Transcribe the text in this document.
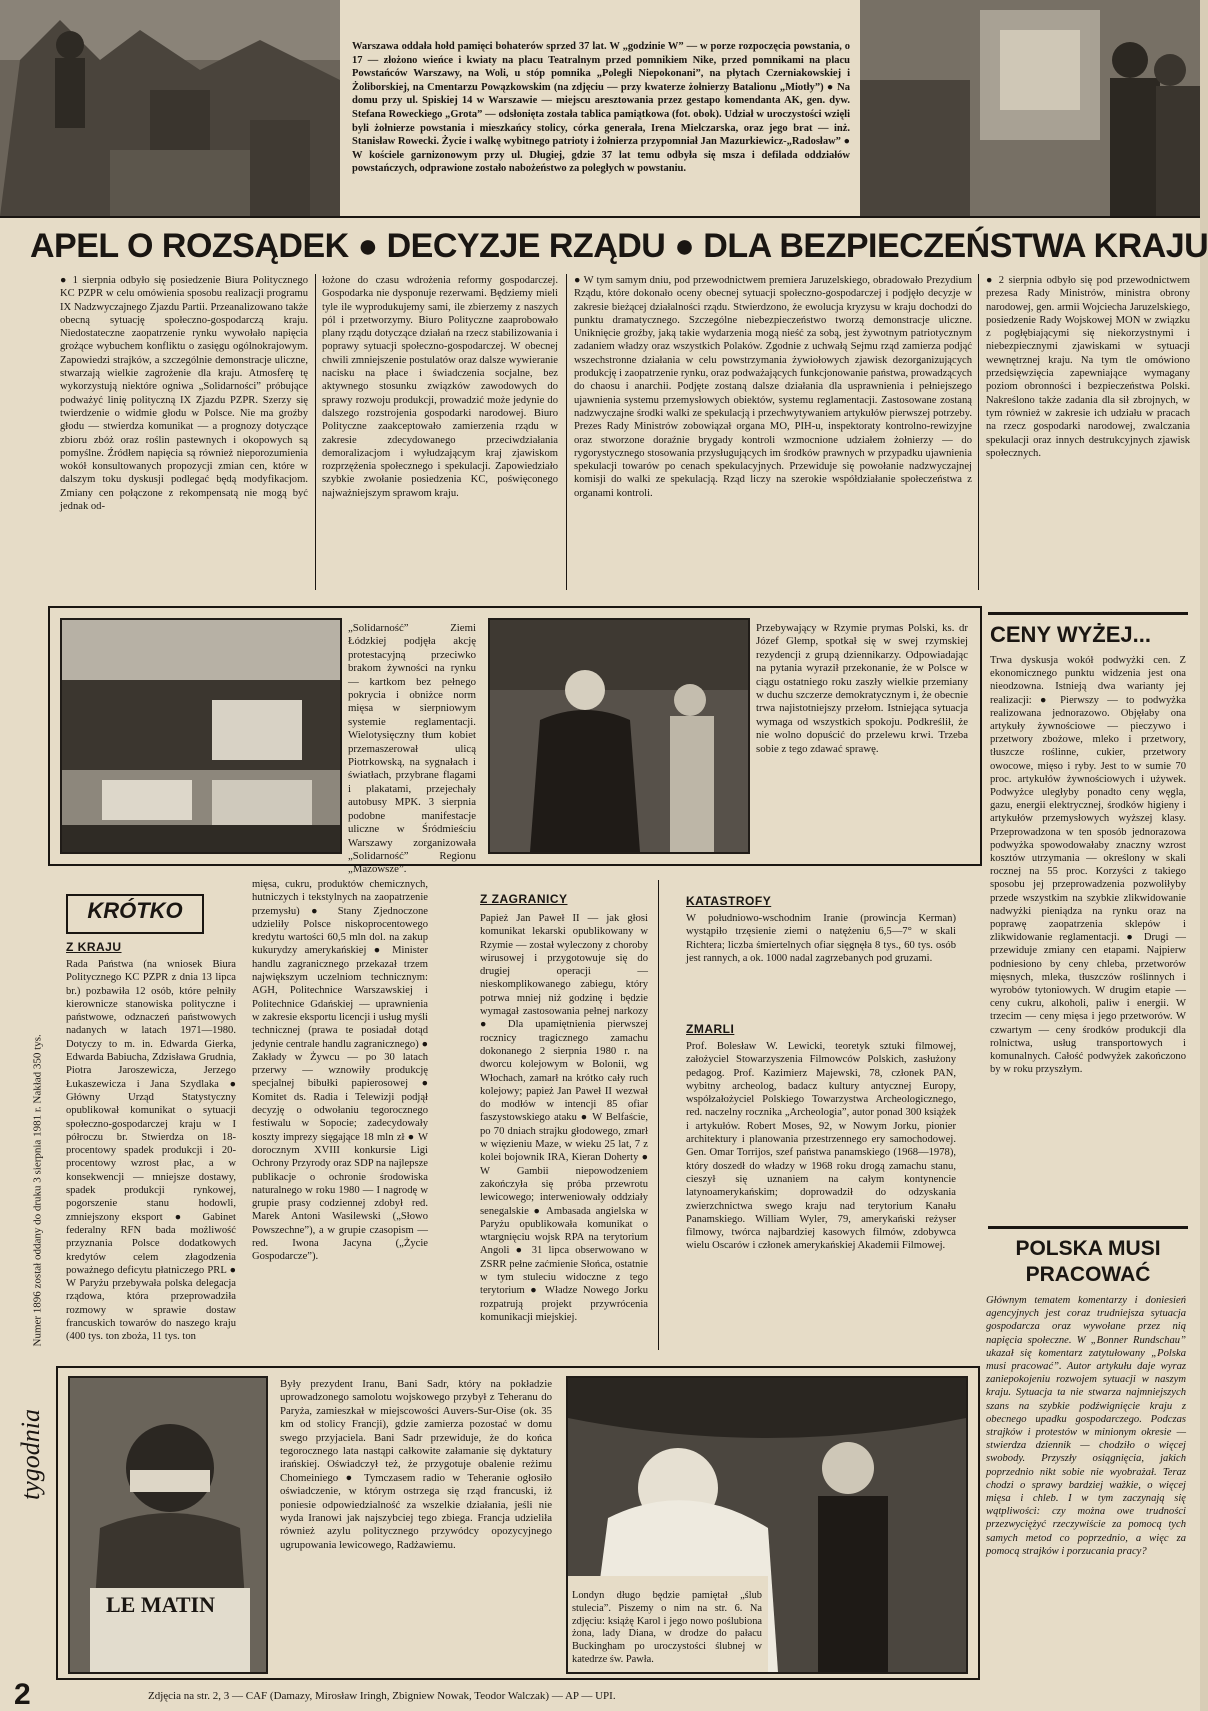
Warszawa oddała hołd pamięci bohaterów sprzed 37 lat. W „godzinie W” — w porze rozpoczęcia powstania, o 17 — złożono wieńce i kwiaty na placu Teatralnym przed pomnikiem Nike, przed pomnikami na placu Powstańców Warszawy, na Woli, u stóp pomnika „Poległi Niepokonani”, na płytach Czerniakowskiej i Żoliborskiej, na Cmentarzu Powązkowskim (na zdjęciu — przy kwaterze żołnierzy Batalionu „Miotły”) ● Na domu przy ul. Spiskiej 14 w Warszawie — miejscu aresztowania przez gestapo komendanta AK, gen. dyw. Stefana Roweckiego „Grota” — odsłonięta została tablica pamiątkowa (fot. obok). Udział w uroczystości wzięli byli żołnierze powstania i mieszkańcy stolicy, córka generała, Irena Mielczarska, oraz jego brat — inż. Stanisław Rowecki. Życie i walkę wybitnego patrioty i żołnierza przypomniał Jan Mazurkiewicz-„Radosław” ● W kościele garnizonowym przy ul. Długiej, gdzie 37 lat temu odbyła się msza i defilada oddziałów powstańczych, odprawione zostało nabożeństwo za poległych w powstaniu.
APEL O ROZSĄDEK ● DECYZJE RZĄDU ● DLA BEZPIECZEŃSTWA KRAJU
● 1 sierpnia odbyło się posiedzenie Biura Politycznego KC PZPR w celu omówienia sposobu realizacji programu IX Nadzwyczajnego Zjazdu Partii. Przeanalizowano także obecną sytuację społeczno-gospodarczą kraju. Niedostateczne zaopatrzenie rynku wywołało napięcia grożące wybuchem konfliktu o zasięgu ogólnokrajowym. Zapowiedzi strajków, a szczególnie demonstracje uliczne, stwarzają wielkie zagrożenie dla kraju. Atmosferę tę wykorzystują niektóre ogniwa „Solidarności” próbujące podważyć linię polityczną IX Zjazdu PZPR. Szerzy się twierdzenie o widmie głodu w Polsce. Nie ma groźby głodu — stwierdza komunikat — a prognozy dotyczące zbioru zbóż oraz roślin pastewnych i okopowych są pomyślne. Źródłem napięcia są również nieporozumienia wokół konsultowanych propozycji zmian cen, które w dalszym toku dyskusji podlegać będą modyfikacjom. Zmiany cen połączone z rekompensatą nie mogą być jednak od-
łożone do czasu wdrożenia reformy gospodarczej. Gospodarka nie dysponuje rezerwami. Będziemy mieli tyle ile wyprodukujemy sami, ile zbierzemy z naszych pól i przetworzymy. Biuro Polityczne zaaprobowało plany rządu dotyczące działań na rzecz stabilizowania i poprawy sytuacji społeczno-gospodarczej. W obecnej chwili zmniejszenie postulatów oraz dalsze wywieranie nacisku na płace i świadczenia socjalne, bez aktywnego stosunku związków zawodowych do sprawy rozwoju produkcji, prowadzić może jedynie do dalszego rozstrojenia gospodarki narodowej. Biuro Polityczne zaakceptowało zamierzenia rządu w zakresie zdecydowanego przeciwdziałania demoralizacjom i wyłudzającym kraj zjawiskom rozprzężenia społecznego i spekulacji. Zapowiedziało szybkie zwołanie posiedzenia KC, poświęconego najważniejszym sprawom kraju.
● W tym samym dniu, pod przewodnictwem premiera Jaruzelskiego, obradowało Prezydium Rządu, które dokonało oceny obecnej sytuacji społeczno-gospodarczej i podjęło decyzje w zakresie bieżącej działalności rządu. Stwierdzono, że ewolucja kryzysu w kraju dochodzi do punktu dramatycznego. Szczególne niebezpieczeństwo tworzą demonstracje uliczne. Uniknięcie groźby, jaką takie wydarzenia mogą nieść za sobą, jest żywotnym patriotycznym zadaniem władzy oraz wszystkich Polaków. Zgodnie z uchwałą Sejmu rząd zamierza podjąć wszechstronne działania w celu powstrzymania żywiołowych zjawisk dezorganizujących produkcję i zaopatrzenie rynku, oraz podważających funkcjonowanie państwa, prowadzących do chaosu i anarchii. Podjęte zostaną dalsze działania dla usprawnienia i pełniejszego ujawnienia systemu przemysłowych obiektów, systemu reglamentacji. Zastosowane zostaną nadzwyczajne środki walki ze spekulacją i przechwytywaniem artykułów pierwszej potrzeby. Prezes Rady Ministrów zobowiązał organa MO, PIH-u, inspektoraty kontrolno-rewizyjne oraz stworzone doraźnie brygady kontroli wzmocnione udziałem żołnierzy — do rygorystycznego stosowania przysługujących im środków prawnych w przypadku ujawnienia spekulacji towarów po cenach spekulacyjnych. Przewiduje się powołanie nadzwyczajnej komisji do walki ze spekulacją. Rząd liczy na szerokie współdziałanie społeczeństwa z organami kontroli.
● 2 sierpnia odbyło się pod przewodnictwem prezesa Rady Ministrów, ministra obrony narodowej, gen. armii Wojciecha Jaruzelskiego, posiedzenie Rady Wojskowej MON w związku z pogłębiającymi się niekorzystnymi i niebezpiecznymi zjawiskami w sytuacji wewnętrznej kraju. Na tym tle omówiono przedsięwzięcia zapewniające wymagany poziom obronności i bezpieczeństwa Polski. Nakreślono także zadania dla sił zbrojnych, w tym również w zakresie ich udziału w pracach na rzecz gospodarki narodowej, zwalczania spekulacji oraz innych destrukcyjnych zjawisk społecznych.
„Solidarność” Ziemi Łódzkiej podjęła akcję protestacyjną przeciwko brakom żywności na rynku — kartkom bez pełnego pokrycia i obniżce norm mięsa w sierpniowym systemie reglamentacji. Wielotysięczny tłum kobiet przemaszerował ulicą Piotrkowską, na sygnałach i światłach, przybrane flagami i plakatami, przejechały autobusy MPK. 3 sierpnia podobne manifestacje uliczne w Śródmieściu Warszawy zorganizowała „Solidarność” Regionu „Mazowsze”.
Przebywający w Rzymie prymas Polski, ks. dr Józef Glemp, spotkał się w swej rzymskiej rezydencji z grupą dziennikarzy. Odpowiadając na pytania wyraził przekonanie, że w Polsce w ciągu ostatniego roku zaszły wielkie przemiany w duchu szczerze demokratycznym i, że obecnie trwa najistotniejszy przełom. Istniejąca sytuacja wymaga od wszystkich spokoju. Podkreślił, że nie wolno dopuścić do przelewu krwi. Trzeba sobie z tego zdawać sprawę.
CENY WYŻEJ...
Trwa dyskusja wokół podwyżki cen. Z ekonomicznego punktu widzenia jest ona nieodzowna. Istnieją dwa warianty jej realizacji: ● Pierwszy — to podwyżka realizowana jednorazowo. Objęłaby ona artykuły żywnościowe — pieczywo i przetwory zbożowe, mleko i przetwory, tłuszcze roślinne, cukier, przetwory owocowe, mięso i ryby. Jest to w sumie 70 proc. artykułów żywnościowych i używek. Podwyżce uległyby ponadto ceny węgla, gazu, energii elektrycznej, środków higieny i artykułów przemysłowych wyższej klasy. Przeprowadzona w ten sposób jednorazowa podwyżka spowodowałaby znaczny wzrost kosztów utrzymania — określony w skali rocznej na 55 proc. Korzyści z takiego sposobu jej przeprowadzenia pozwoliłyby przede wszystkim na szybkie zlikwidowanie nadwyżki pieniądza na rynku oraz na poprawę zaopatrzenia sklepów i zlikwidowanie reglamentacji. ● Drugi — przewiduje zmiany cen etapami. Najpierw podniesiono by ceny chleba, przetworów mięsnych, mleka, tłuszczów roślinnych i wyrobów tytoniowych. W drugim etapie — ceny cukru, alkoholi, paliw i energii. W trzecim — ceny mięsa i jego przetworów. W czwartym — ceny środków produkcji dla rolnictwa, usług transportowych i komunalnych. Całość podwyżek zakończono by w roku przyszłym.
KRÓTKO
Z KRAJU
Rada Państwa (na wniosek Biura Politycznego KC PZPR z dnia 13 lipca br.) pozbawiła 12 osób, które pełniły kierownicze stanowiska polityczne i państwowe, odznaczeń państwowych nadanych w latach 1971—1980. Dotyczy to m. in. Edwarda Gierka, Edwarda Babiucha, Zdzisława Grudnia, Piotra Jaroszewicza, Jerzego Łukaszewicza i Jana Szydlaka ● Główny Urząd Statystyczny opublikował komunikat o sytuacji społeczno-gospodarczej kraju w I półroczu br. Stwierdza on 18-procentowy spadek produkcji i 20-procentowy wzrost płac, a w konsekwencji — mniejsze dostawy, spadek produkcji rynkowej, pogorszenie stanu hodowli, zmniejszony eksport ● Gabinet federalny RFN bada możliwość przyznania Polsce dodatkowych kredytów celem złagodzenia poważnego deficytu płatniczego PRL ● W Paryżu przebywała polska delegacja rządowa, która przeprowadziła rozmowy w sprawie dostaw francuskich towarów do naszego kraju (400 tys. ton zboża, 11 tys. ton
mięsa, cukru, produktów chemicznych, hutniczych i tekstylnych na zaopatrzenie przemysłu) ● Stany Zjednoczone udzieliły Polsce niskoprocentowego kredytu wartości 60,5 mln dol. na zakup kukurydzy amerykańskiej ● Minister handlu zagranicznego przekazał trzem największym uczelniom technicznym: AGH, Politechnice Warszawskiej i Politechnice Gdańskiej — uprawnienia w zakresie eksportu licencji i usług myśli technicznej (prawa te posiadał dotąd jedynie centrale handlu zagranicznego) ● Zakłady w Żywcu — po 30 latach przerwy — wznowiły produkcję specjalnej bibułki papierosowej ● Komitet ds. Radia i Telewizji podjął decyzję o odwołaniu tegorocznego festiwalu w Sopocie; zadecydowały koszty imprezy sięgające 18 mln zł ● W dorocznym XVIII konkursie Ligi Ochrony Przyrody oraz SDP na najlepsze publikacje o ochronie środowiska naturalnego w roku 1980 — I nagrodę w grupie prasy codziennej zdobył red. Marek Antoni Wasilewski („Słowo Powszechne”), a w grupie czasopism — red. Iwona Jacyna („Życie Gospodarcze”).
Z ZAGRANICY
Papież Jan Paweł II — jak głosi komunikat lekarski opublikowany w Rzymie — został wyleczony z choroby wirusowej i przygotowuje się do drugiej operacji — nieskomplikowanego zabiegu, który potrwa mniej niż godzinę i będzie wymagał zastosowania pełnej narkozy ● Dla upamiętnienia pierwszej rocznicy tragicznego zamachu dokonanego 2 sierpnia 1980 r. na dworcu kolejowym w Bolonii, wg Włochach, zamarł na krótko cały ruch kolejowy; papież Jan Paweł II wezwał do modłów w intencji 85 ofiar faszystowskiego ataku ● W Belfaście, po 70 dniach strajku głodowego, zmarł w więzieniu Maze, w wieku 25 lat, 7 z kolei bojownik IRA, Kieran Doherty ● W Gambii niepowodzeniem zakończyła się próba przewrotu lewicowego; interweniowały oddziały senegalskie ● Ambasada angielska w Paryżu opublikowała komunikat o wtargnięciu wojsk RPA na terytorium Angoli ● 31 lipca obserwowano w ZSRR pełne zaćmienie Słońca, ostatnie w tym stuleciu widoczne z tego terytorium ● Władze Nowego Jorku rozpatrują projekt przywrócenia komunikacji miejskiej.
KATASTROFY
W południowo-wschodnim Iranie (prowincja Kerman) wystąpiło trzęsienie ziemi o natężeniu 6,5—7° w skali Richtera; liczba śmiertelnych ofiar sięgnęła 8 tys., 60 tys. osób jest rannych, a ok. 1000 nadal zagrzebanych pod gruzami.
ZMARLI
Prof. Bolesław W. Lewicki, teoretyk sztuki filmowej, założyciel Stowarzyszenia Filmowców Polskich, zasłużony pedagog. Prof. Kazimierz Majewski, 78, członek PAN, wybitny archeolog, badacz kultury antycznej Europy, współzałożyciel Polskiego Towarzystwa Archeologicznego, red. naczelny rocznika „Archeologia”, autor ponad 300 książek i artykułów. Robert Moses, 92, w Nowym Jorku, pionier architektury i planowania przestrzennego ery samochodowej. Gen. Omar Torrijos, szef państwa panamskiego (1968—1978), który doszedł do władzy w 1968 roku drogą zamachu stanu, cieszył się uznaniem na całym kontynencie latynoamerykańskim; doprowadził do odzyskania zwierzchnictwa swego kraju nad terytorium Kanału Panamskiego. William Wyler, 79, amerykański reżyser filmowy, twórca najbardziej kasowych filmów, zdobywca wielu Oscarów i członek amerykańskiej Akademii Filmowej.	POLSKA MUSI PRACOWAĆ
Głównym tematem komentarzy i doniesień agencyjnych jest coraz trudniejsza sytuacja gospodarcza oraz wywołane przez nią napięcia społeczne. W „Bonner Rundschau” ukazał się komentarz zatytułowany „Polska musi pracować”. Autor artykułu daje wyraz zaniepokojeniu rozwojem sytuacji w naszym kraju. Sytuacja ta nie stwarza najmniejszych szans na szybkie podźwignięcie kraju z obecnego upadku gospodarczego. Podczas strajków i protestów w minionym okresie — stwierdza dziennik — chodziło o więcej swobody. Przyszły osiągnięcia, jakich poprzednio nikt sobie nie wyobrażał. Teraz chodzi o sprawy bardziej ważkie, o więcej mięsa i chleb. I w tym zaczynają się wątpliwości: czy można owe trudności przezwyciężyć rzeczywiście za pomocą tych samych metod co poprzednio, a więc za pomocą strajków i porzucania pracy?
Numer 1896 został oddany do druku 3 sierpnia 1981 r. Nakład 350 tys.
tygodnia
LE MATIN
Były prezydent Iranu, Bani Sadr, który na pokładzie uprowadzonego samolotu wojskowego przybył z Teheranu do Paryża, zamieszkał w miejscowości Auvers-Sur-Oise (ok. 35 km od stolicy Francji), gdzie zamierza pozostać w domu swego przyjaciela. Bani Sadr przewiduje, że do końca tegorocznego lata nastąpi całkowite załamanie się dyktatury irańskiej. Oświadczył też, że przygotuje obalenie reżimu Chomeiniego ● Tymczasem radio w Teheranie ogłosiło oświadczenie, w którym ostrzega się rząd francuski, iż poniesie odpowiedzialność za wszelkie działania, jeśli nie wyda Iranowi jak najszybciej tego zbiega. Francja udzieliła również azylu politycznego przywódcy opozycyjnego ugrupowania lewicowego, Radżawiemu.
Londyn długo będzie pamiętał „ślub stulecia”. Piszemy o nim na str. 6. Na zdjęciu: książę Karol i jego nowo poślubiona żona, lady Diana, w drodze do pałacu Buckingham po uroczystości ślubnej w katedrze św. Pawła.
2	Zdjęcia na str. 2, 3 — CAF (Damazy, Mirosław Iringh, Zbigniew Nowak, Teodor Walczak) — AP — UPI.
